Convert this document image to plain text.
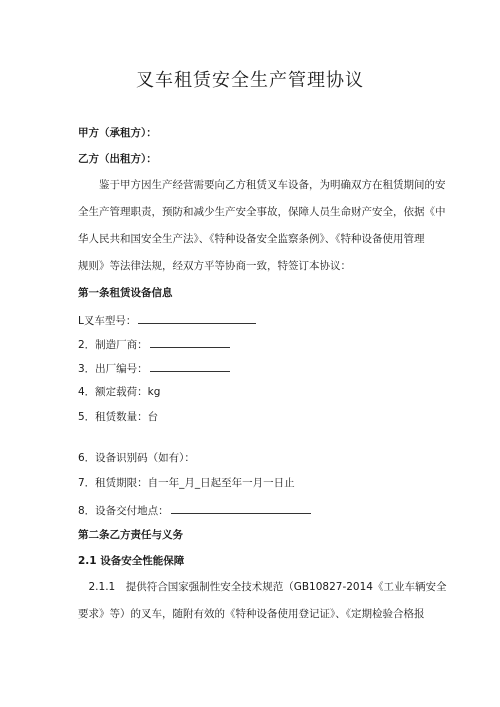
叉车租赁安全生产管理协议
甲方（承租方）：
乙方（出租方）：
　　鉴于甲方因生产经营需要向乙方租赁叉车设备，为明确双方在租赁期间的安
全生产管理职责，预防和减少生产安全事故，保障人员生命财产安全，依据《中
华人民共和国安全生产法》、《特种设备安全监察条例》、《特种设备使用管理
规则》等法律法规，经双方平等协商一致，特签订本协议：
第一条租赁设备信息
L叉车型号：
2．制造厂商：
3．出厂编号：
4．额定载荷：kg
5．租赁数量：台
6．设备识别码（如有）：
7．租赁期限：自一年_月_日起至年一月一日止
8．设备交付地点：
第二条乙方责任与义务
2.1 设备安全性能保障
　2.1.1　提供符合国家强制性安全技术规范（GB10827-2014《工业车辆安全
要求》等）的叉车，随附有效的《特种设备使用登记证》、《定期检验合格报
